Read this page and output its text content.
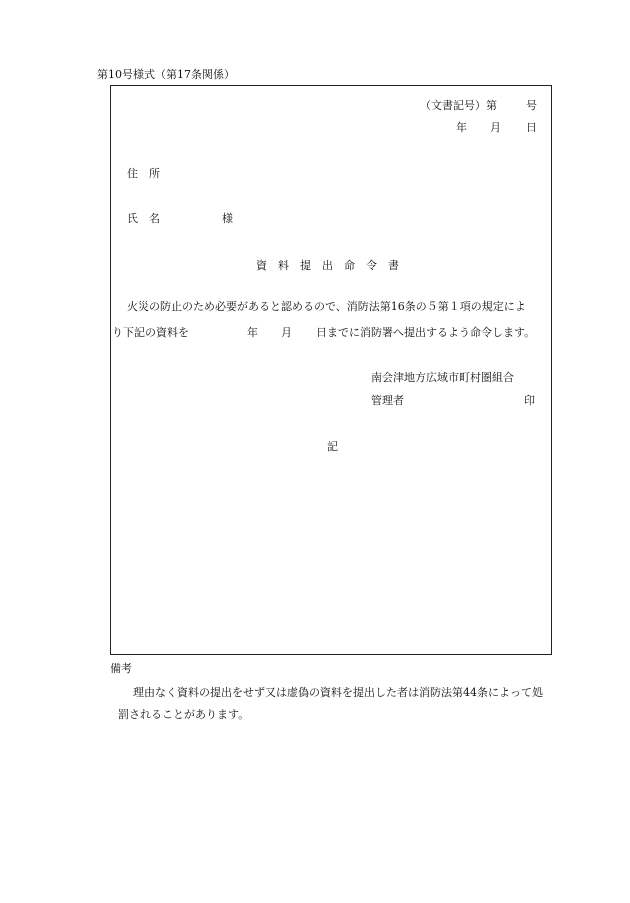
第10号様式（第17条関係）
（文書記号）第	号
年 月 日
住　所
氏　名	様
資　料　提　出　命　令　書
火災の防止のため必要があると認めるので、消防法第16条の５第１項の規定によ
り下記の資料を	年 月 日までに消防署へ提出するよう命令します。
南会津地方広域市町村圏組合
管理者	印
記
備考
理由なく資料の提出をせず又は虚偽の資料を提出した者は消防法第44条によって処
罰されることがあります。
